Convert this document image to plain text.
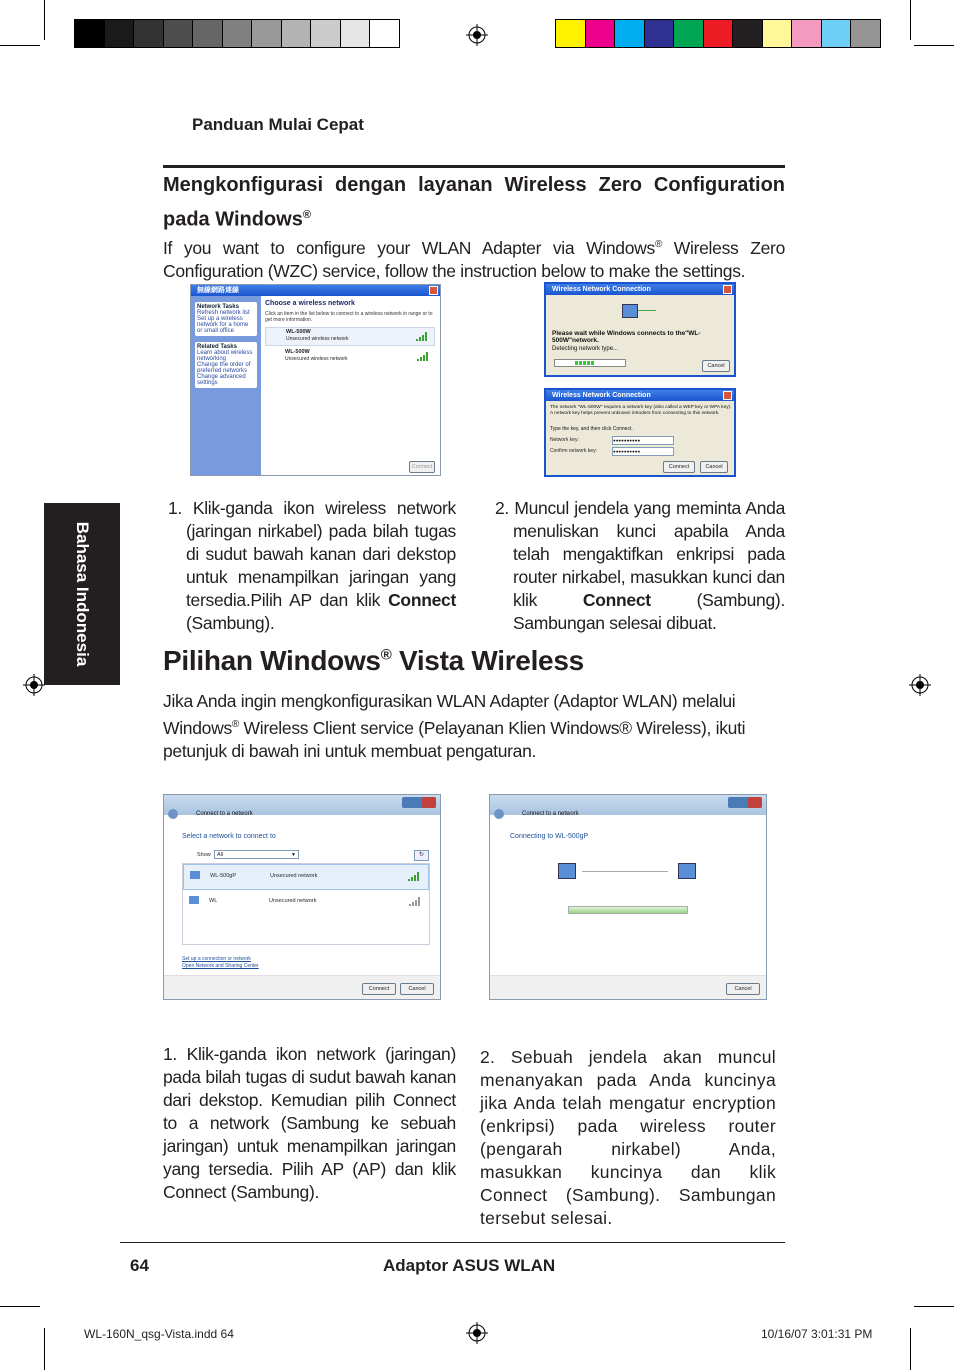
Panduan Mulai Cepat
Bahasa Indonesia
Mengkonfigurasi dengan layanan Wireless Zero Configuration pada Windows®
If you want to configure your WLAN Adapter via Windows® Wireless Zero Configuration (WZC) service, follow the instruction below to make the settings.
無線網路連線
Network Tasks
Refresh network list
Set up a wireless network for a home or small office
Related Tasks
Learn about wireless networking
Change the order of preferred networks
Change advanced settings
Choose a wireless network
Click an item in the list below to connect to a wireless network in range or to get more information.
WL-500W
Unsecured wireless network
WL-500W
Unsecured wireless network
Connect
Wireless Network Connection
Please wait while Windows connects to the"WL-500W"network.
Detecting network type...
Cancel
Wireless Network Connection
The network "WL-500W" requires a network key (also called a WEP key or WPA key). A network key helps prevent unknown intruders from connecting to this network.
Type the key, and then click Connect.
Network key:	●●●●●●●●●●
Confirm network key:	●●●●●●●●●●
Connect	Cancel
1. Klik-ganda ikon wireless network (jaringan nirkabel) pada bilah tugas di sudut bawah kanan dari dekstop untuk menampilkan jaringan yang tersedia.Pilih AP dan klik Connect (Sambung).
2. Muncul jendela yang meminta Anda menuliskan kunci apabila Anda telah mengaktifkan enkripsi pada router nirkabel, masukkan kunci dan klik Connect (Sambung). Sambungan selesai dibuat.
Pilihan Windows® Vista Wireless
Jika Anda ingin mengkonfigurasikan WLAN Adapter (Adaptor WLAN) melalui Windows® Wireless Client service (Pelayanan Klien Windows® Wireless), ikuti petunjuk di bawah ini untuk membuat pengaturan.
Connect to a network
Select a network to connect to
Show	All	▼	↻
WL-500gP	Unsecured network
WL	Unsecured network
Set up a connection or network
Open Network and Sharing Center
Connect	Cancel
Connect to a network
Connecting to WL-500gP
Cancel
1. Klik-ganda ikon network (jaringan) pada bilah tugas di sudut bawah kanan dari dekstop. Kemudian pilih Connect to a network (Sambung ke sebuah jaringan) untuk menampilkan jaringan yang tersedia. Pilih AP (AP) dan klik Connect (Sambung).
2. Sebuah jendela akan muncul menanyakan pada Anda kuncinya jika Anda telah mengatur encryption (enkripsi) pada wireless router (pengarah nirkabel) Anda, masukkan kuncinya dan klik Connect (Sambung). Sambungan tersebut selesai.
64	Adaptor ASUS WLAN
WL-160N_qsg-Vista.indd 64	10/16/07 3:01:31 PM
